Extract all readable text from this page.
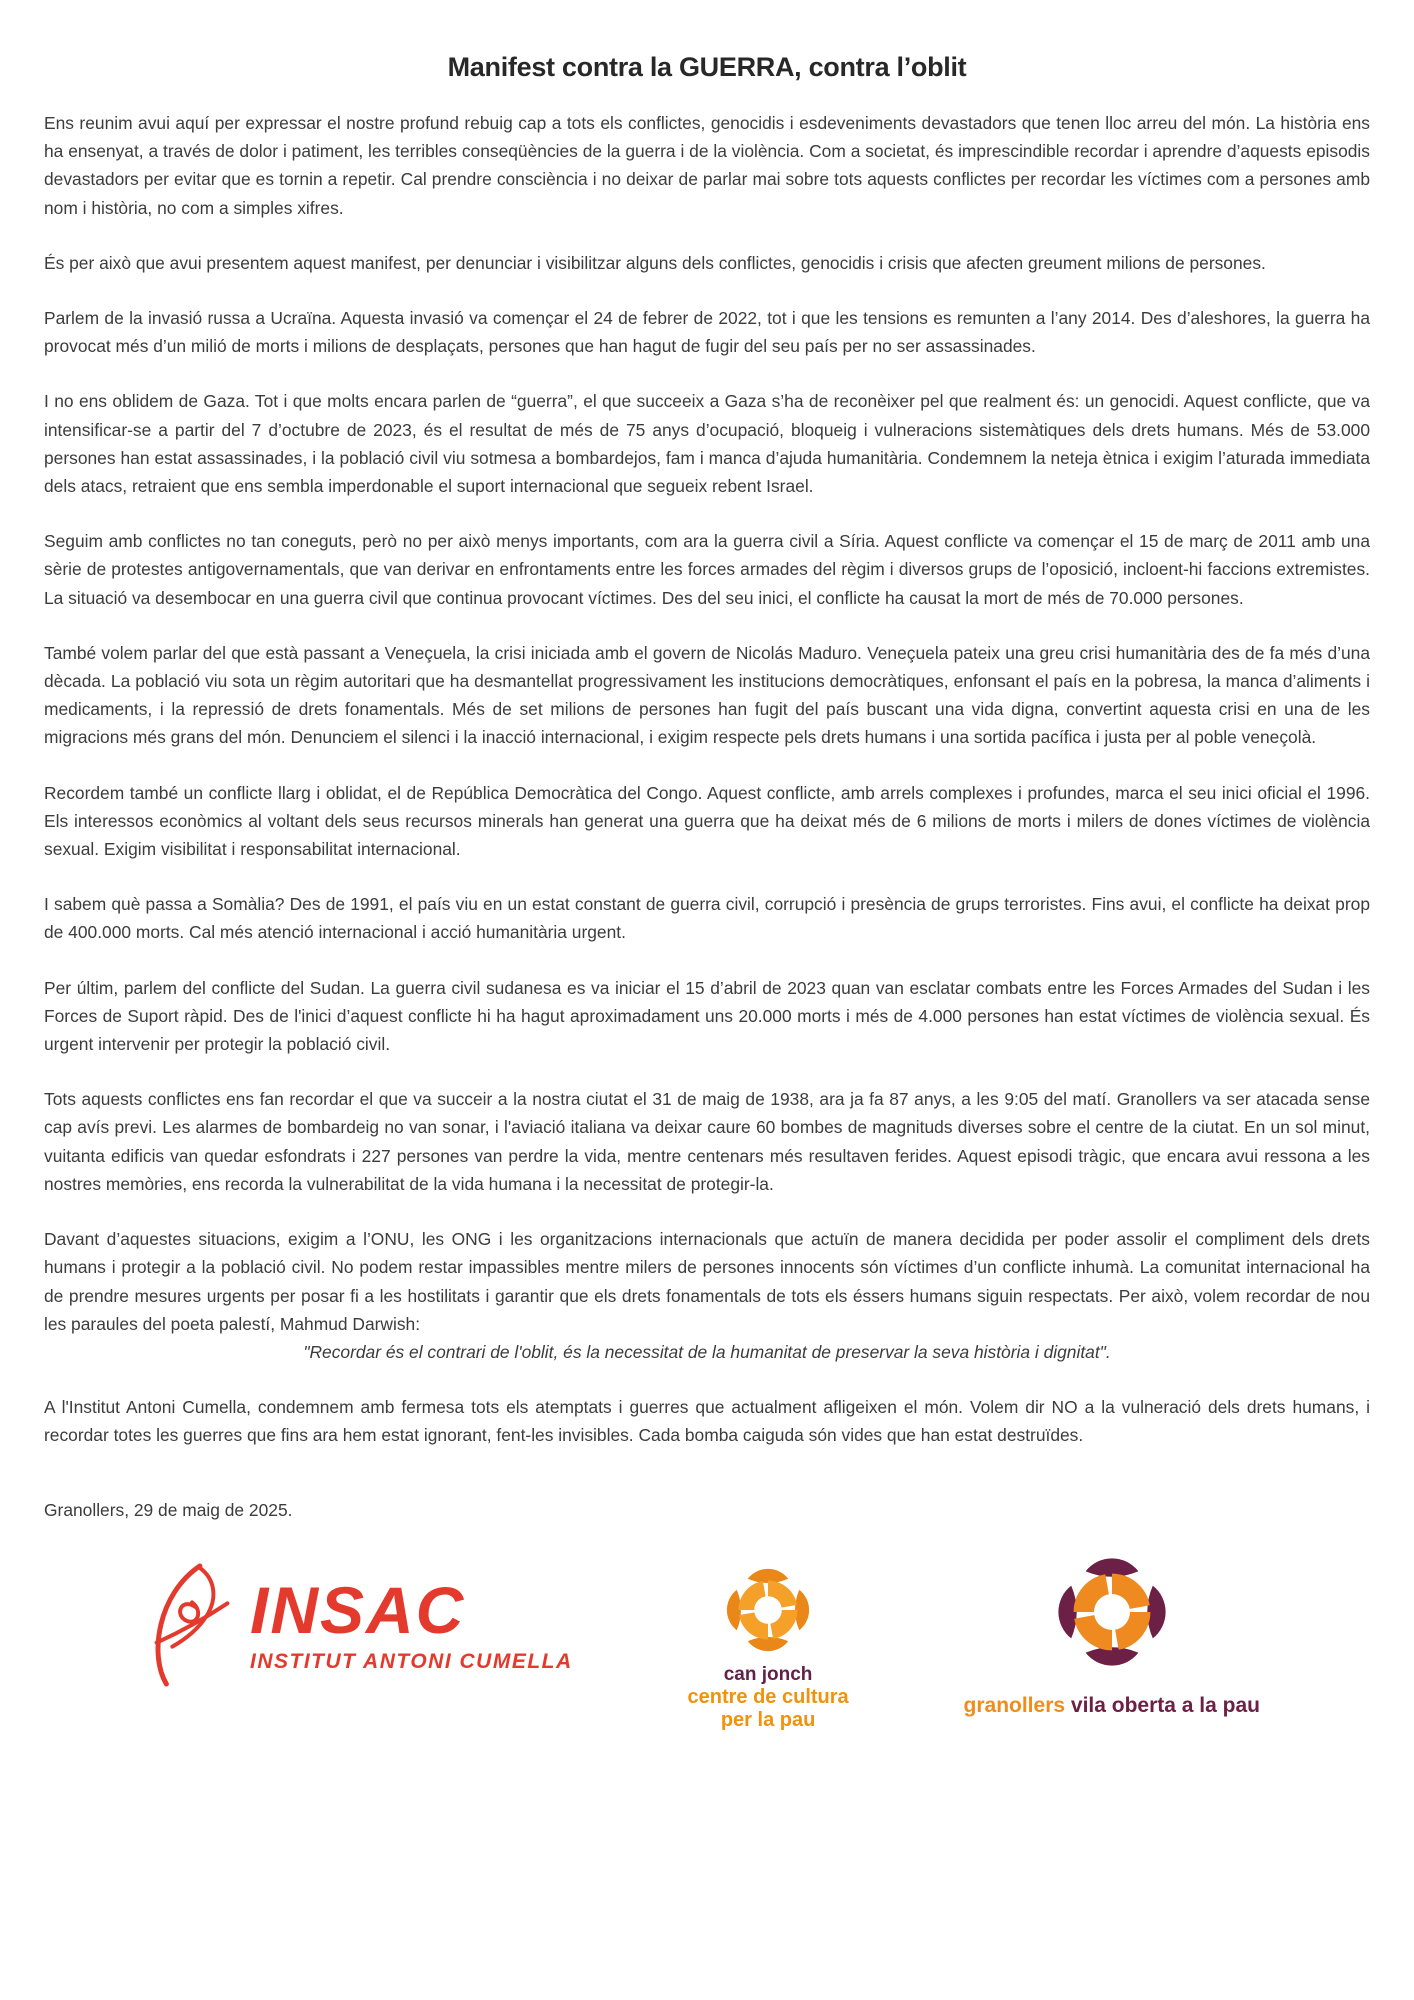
Manifest contra la GUERRA, contra l’oblit

Ens reunim avui aquí per expressar el nostre profund rebuig cap a tots els conflictes, genocidis i esdeveniments devastadors que tenen lloc arreu del món. La història ens ha ensenyat, a través de dolor i patiment, les terribles conseqüències de la guerra i de la violència. Com a societat, és imprescindible recordar i aprendre d’aquests episodis devastadors per evitar que es tornin a repetir. Cal prendre consciència i no deixar de parlar mai sobre tots aquests conflictes per recordar les víctimes com a persones amb nom i història, no com a simples xifres.

És per això que avui presentem aquest manifest, per denunciar i visibilitzar alguns dels conflictes, genocidis i crisis que afecten greument milions de persones.

Parlem de la invasió russa a Ucraïna. Aquesta invasió va començar el 24 de febrer de 2022, tot i que les tensions es remunten a l’any 2014. Des d’aleshores, la guerra ha provocat més d’un milió de morts i milions de desplaçats, persones que han hagut de fugir del seu país per no ser assassinades.

I no ens oblidem de Gaza. Tot i que molts encara parlen de “guerra”, el que succeeix a Gaza s’ha de reconèixer pel que realment és: un genocidi. Aquest conflicte, que va intensificar-se a partir del 7 d’octubre de 2023, és el resultat de més de 75 anys d’ocupació, bloqueig i vulneracions sistemàtiques dels drets humans. Més de 53.000 persones han estat assassinades, i la població civil viu sotmesa a bombardejos, fam i manca d’ajuda humanitària. Condemnem la neteja ètnica i exigim l’aturada immediata dels atacs, retraient que ens sembla imperdonable el suport internacional que segueix rebent Israel.

Seguim amb conflictes no tan coneguts, però no per això menys importants, com ara la guerra civil a Síria. Aquest conflicte va començar el 15 de març de 2011 amb una sèrie de protestes antigovernamentals, que van derivar en enfrontaments entre les forces armades del règim i diversos grups de l’oposició, incloent-hi faccions extremistes. La situació va desembocar en una guerra civil que continua provocant víctimes. Des del seu inici, el conflicte ha causat la mort de més de 70.000 persones.

També volem parlar del que està passant a Veneçuela, la crisi iniciada amb el govern de Nicolás Maduro. Veneçuela pateix una greu crisi humanitària des de fa més d’una dècada. La població viu sota un règim autoritari que ha desmantellat progressivament les institucions democràtiques, enfonsant el país en la pobresa, la manca d’aliments i medicaments, i la repressió de drets fonamentals. Més de set milions de persones han fugit del país buscant una vida digna, convertint aquesta crisi en una de les migracions més grans del món. Denunciem el silenci i la inacció internacional, i exigim respecte pels drets humans i una sortida pacífica i justa per al poble veneçolà.

Recordem també un conflicte llarg i oblidat, el de República Democràtica del Congo. Aquest conflicte, amb arrels complexes i profundes, marca el seu inici oficial el 1996. Els interessos econòmics al voltant dels seus recursos minerals han generat una guerra que ha deixat més de 6 milions de morts i milers de dones víctimes de violència sexual. Exigim visibilitat i responsabilitat internacional.

I sabem què passa a Somàlia? Des de 1991, el país viu en un estat constant de guerra civil, corrupció i presència de grups terroristes. Fins avui, el conflicte ha deixat prop de 400.000 morts. Cal més atenció internacional i acció humanitària urgent.

Per últim, parlem del conflicte del Sudan. La guerra civil sudanesa es va iniciar el 15 d’abril de 2023 quan van esclatar combats entre les Forces Armades del Sudan i les Forces de Suport ràpid. Des de l'inici d’aquest conflicte hi ha hagut aproximadament uns 20.000 morts i més de 4.000 persones han estat víctimes de violència sexual. És urgent intervenir per protegir la població civil.

Tots aquests conflictes ens fan recordar el que va succeir a la nostra ciutat el 31 de maig de 1938, ara ja fa 87 anys, a les 9:05 del matí. Granollers va ser atacada sense cap avís previ. Les alarmes de bombardeig no van sonar, i l'aviació italiana va deixar caure 60 bombes de magnituds diverses sobre el centre de la ciutat. En un sol minut, vuitanta edificis van quedar esfondrats i 227 persones van perdre la vida, mentre centenars més resultaven ferides. Aquest episodi tràgic, que encara avui ressona a les nostres memòries, ens recorda la vulnerabilitat de la vida humana i la necessitat de protegir-la.

Davant d’aquestes situacions, exigim a l’ONU, les ONG i les organitzacions internacionals que actuïn de manera decidida per poder assolir el compliment dels drets humans i protegir a la població civil. No podem restar impassibles mentre milers de persones innocents són víctimes d’un conflicte inhumà. La comunitat internacional ha de prendre mesures urgents per posar fi a les hostilitats i garantir que els drets fonamentals de tots els éssers humans siguin respectats. Per això, volem recordar de nou les paraules del poeta palestí, Mahmud Darwish:

"Recordar és el contrari de l'oblit, és la necessitat de la humanitat de preservar la seva història i dignitat".

A l'Institut Antoni Cumella, condemnem amb fermesa tots els atemptats i guerres que actualment afligeixen el món. Volem dir NO a la vulneració dels drets humans, i recordar totes les guerres que fins ara hem estat ignorant, fent-les invisibles. Cada bomba caiguda són vides que han estat destruïdes.

Granollers, 29 de maig de 2025.

INSAC
INSTITUT ANTONI CUMELLA
can jonch
centre de cultura
per la pau
granollers vila oberta a la pau
